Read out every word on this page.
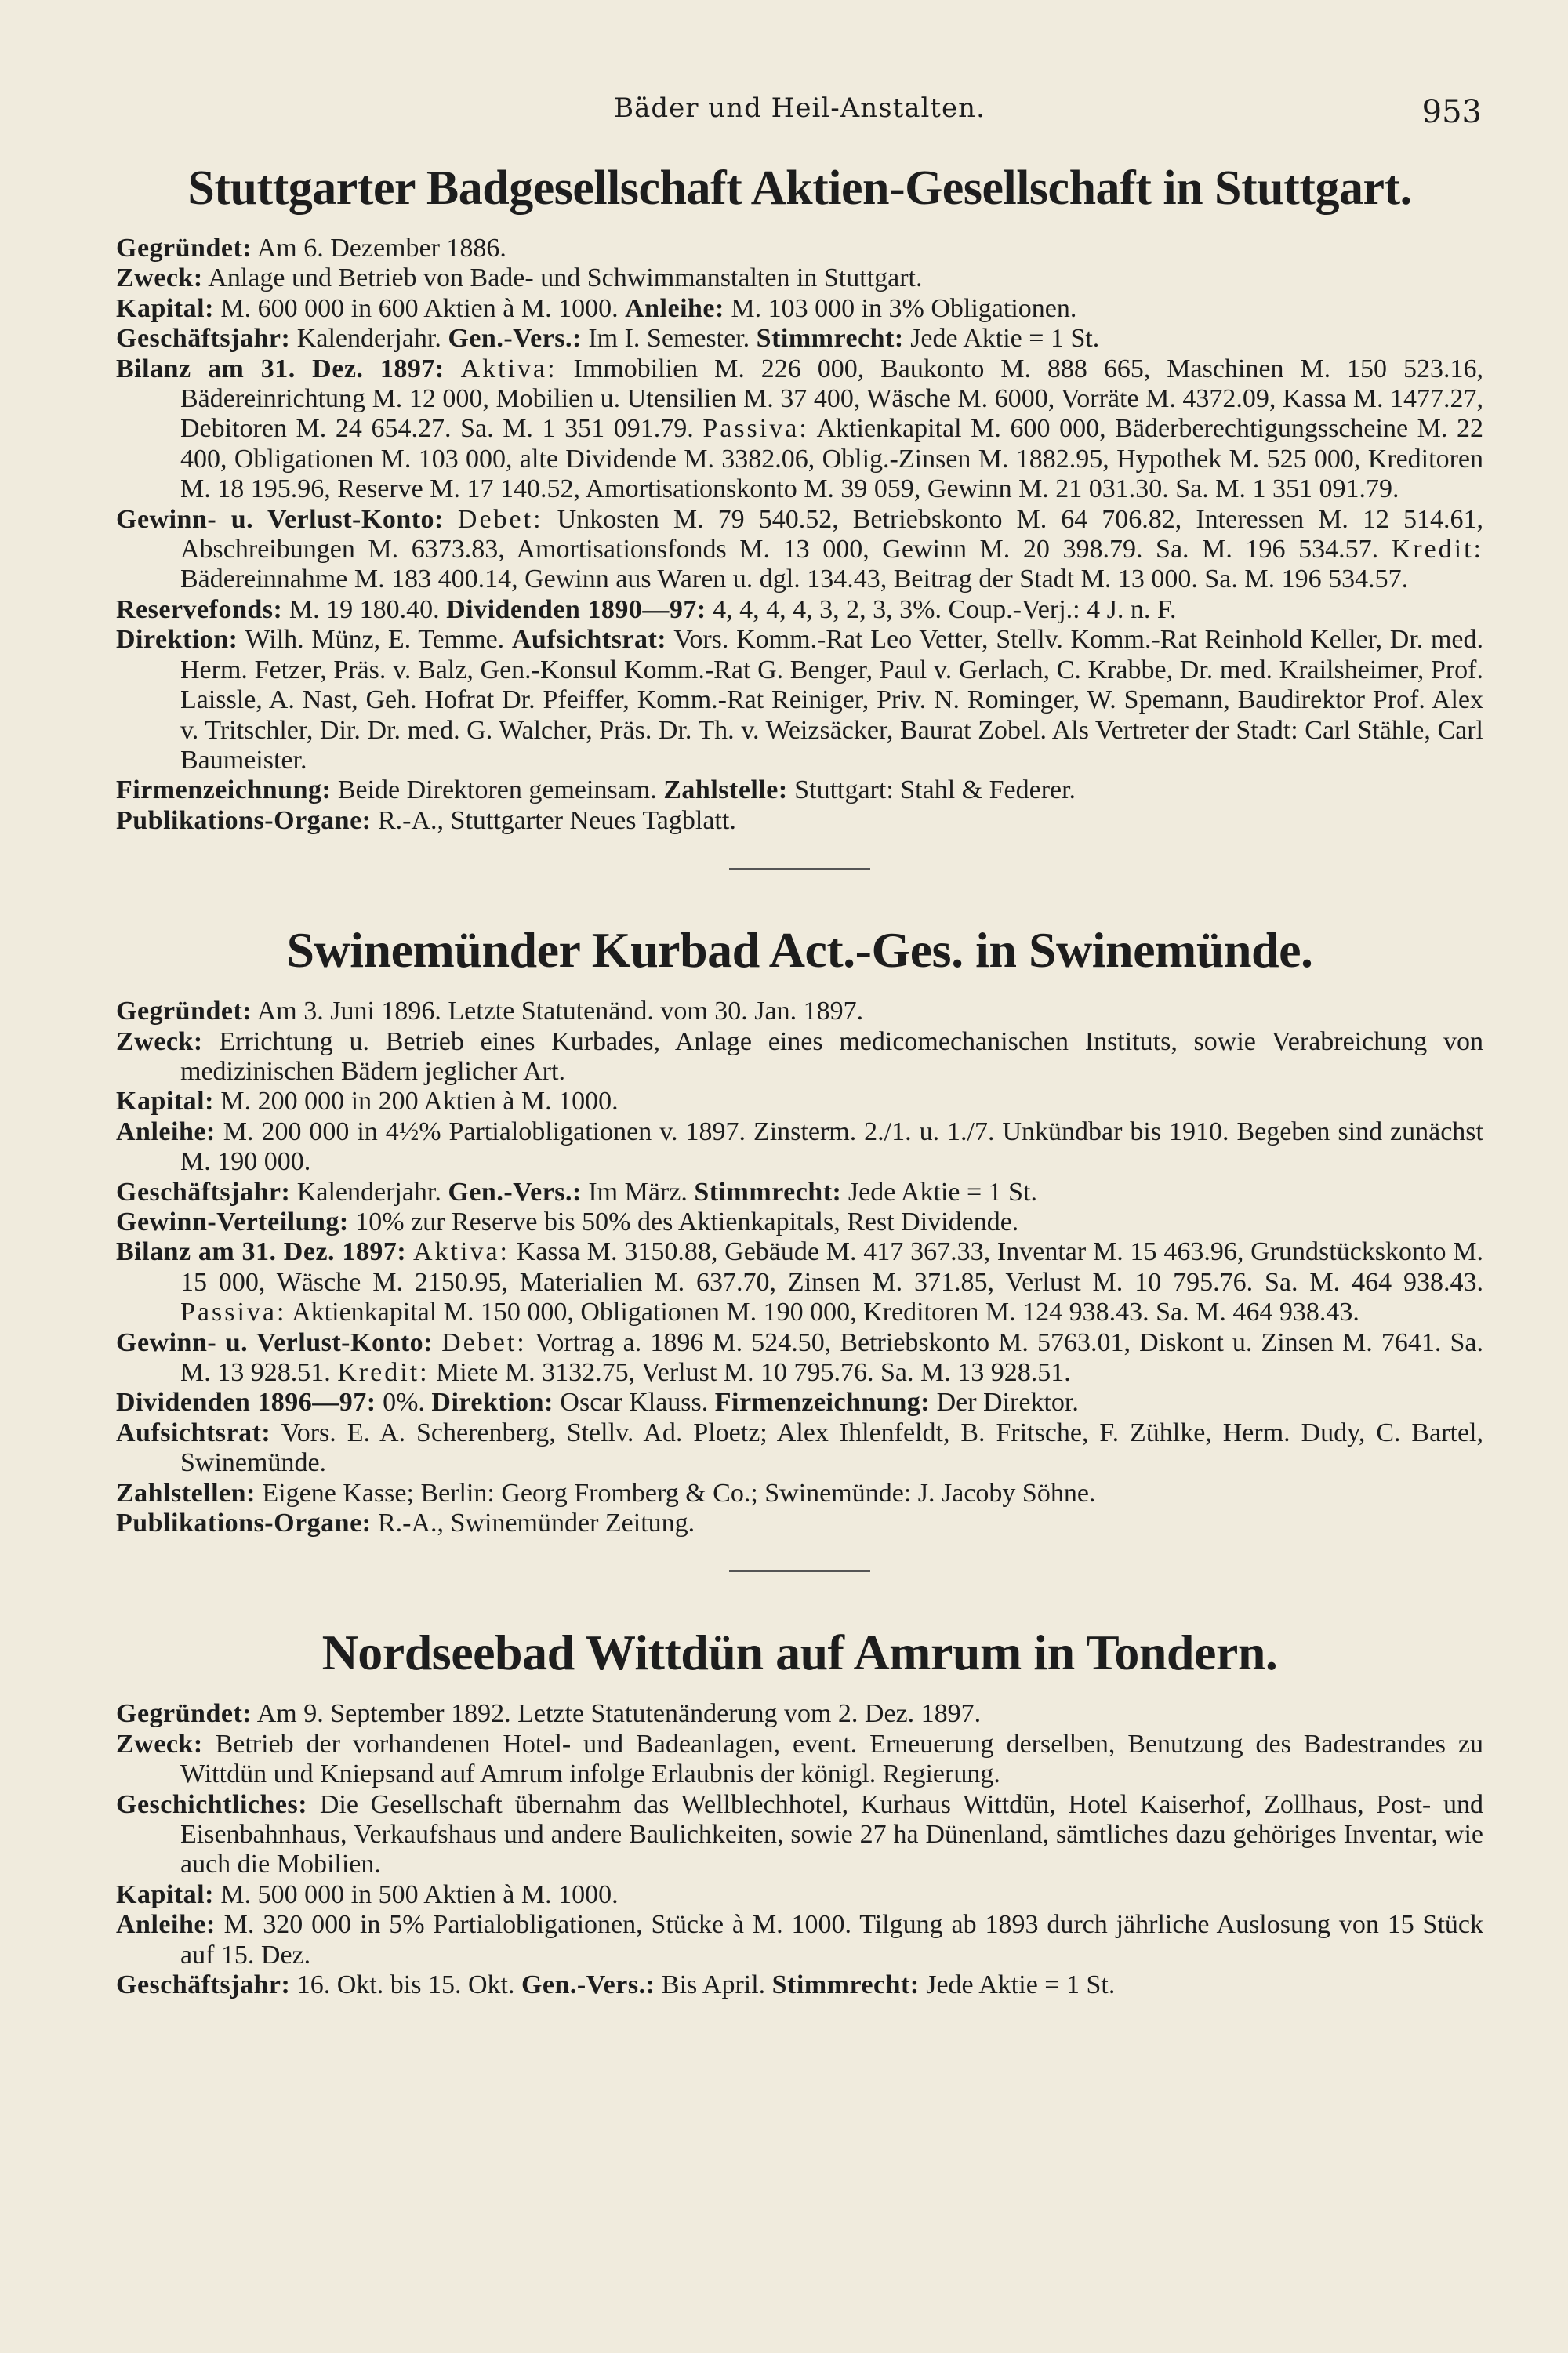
Bäder und Heil-Anstalten.	953
Stuttgarter Badgesellschaft Aktien-Gesellschaft in Stuttgart.

Gegründet: Am 6. Dezember 1886.

Zweck: Anlage und Betrieb von Bade- und Schwimmanstalten in Stuttgart.

Kapital: M. 600 000 in 600 Aktien à M. 1000. Anleihe: M. 103 000 in 3% Obligationen.

Geschäftsjahr: Kalenderjahr. Gen.-Vers.: Im I. Semester. Stimmrecht: Jede Aktie = 1 St.

Bilanz am 31. Dez. 1897: Aktiva: Immobilien M. 226 000, Baukonto M. 888 665, Maschinen M. 150 523.16, Bädereinrichtung M. 12 000, Mobilien u. Utensilien M. 37 400, Wäsche M. 6000, Vorräte M. 4372.09, Kassa M. 1477.27, Debitoren M. 24 654.27. Sa. M. 1 351 091.79. Passiva: Aktienkapital M. 600 000, Bäderberechtigungsscheine M. 22 400, Obligationen M. 103 000, alte Dividende M. 3382.06, Oblig.-Zinsen M. 1882.95, Hypothek M. 525 000, Kreditoren M. 18 195.96, Reserve M. 17 140.52, Amortisationskonto M. 39 059, Gewinn M. 21 031.30. Sa. M. 1 351 091.79.

Gewinn- u. Verlust-Konto: Debet: Unkosten M. 79 540.52, Betriebskonto M. 64 706.82, Interessen M. 12 514.61, Abschreibungen M. 6373.83, Amortisationsfonds M. 13 000, Gewinn M. 20 398.79. Sa. M. 196 534.57. Kredit: Bädereinnahme M. 183 400.14, Gewinn aus Waren u. dgl. 134.43, Beitrag der Stadt M. 13 000. Sa. M. 196 534.57.

Reservefonds: M. 19 180.40. Dividenden 1890—97: 4, 4, 4, 4, 3, 2, 3, 3%. Coup.-Verj.: 4 J. n. F.

Direktion: Wilh. Münz, E. Temme. Aufsichtsrat: Vors. Komm.-Rat Leo Vetter, Stellv. Komm.-Rat Reinhold Keller, Dr. med. Herm. Fetzer, Präs. v. Balz, Gen.-Konsul Komm.-Rat G. Benger, Paul v. Gerlach, C. Krabbe, Dr. med. Krailsheimer, Prof. Laissle, A. Nast, Geh. Hofrat Dr. Pfeiffer, Komm.-Rat Reiniger, Priv. N. Rominger, W. Spemann, Baudirektor Prof. Alex v. Tritschler, Dir. Dr. med. G. Walcher, Präs. Dr. Th. v. Weizsäcker, Baurat Zobel. Als Vertreter der Stadt: Carl Stähle, Carl Baumeister.

Firmenzeichnung: Beide Direktoren gemeinsam. Zahlstelle: Stuttgart: Stahl & Federer.

Publikations-Organe: R.-A., Stuttgarter Neues Tagblatt.

Swinemünder Kurbad Act.-Ges. in Swinemünde.

Gegründet: Am 3. Juni 1896. Letzte Statutenänd. vom 30. Jan. 1897.

Zweck: Errichtung u. Betrieb eines Kurbades, Anlage eines medicomechanischen Instituts, sowie Verabreichung von medizinischen Bädern jeglicher Art.

Kapital: M. 200 000 in 200 Aktien à M. 1000.

Anleihe: M. 200 000 in 4½% Partialobligationen v. 1897. Zinsterm. 2./1. u. 1./7. Unkündbar bis 1910. Begeben sind zunächst M. 190 000.

Geschäftsjahr: Kalenderjahr. Gen.-Vers.: Im März. Stimmrecht: Jede Aktie = 1 St.

Gewinn-Verteilung: 10% zur Reserve bis 50% des Aktienkapitals, Rest Dividende.

Bilanz am 31. Dez. 1897: Aktiva: Kassa M. 3150.88, Gebäude M. 417 367.33, Inventar M. 15 463.96, Grundstückskonto M. 15 000, Wäsche M. 2150.95, Materialien M. 637.70, Zinsen M. 371.85, Verlust M. 10 795.76. Sa. M. 464 938.43. Passiva: Aktienkapital M. 150 000, Obligationen M. 190 000, Kreditoren M. 124 938.43. Sa. M. 464 938.43.

Gewinn- u. Verlust-Konto: Debet: Vortrag a. 1896 M. 524.50, Betriebskonto M. 5763.01, Diskont u. Zinsen M. 7641. Sa. M. 13 928.51. Kredit: Miete M. 3132.75, Verlust M. 10 795.76. Sa. M. 13 928.51.

Dividenden 1896—97: 0%. Direktion: Oscar Klauss. Firmenzeichnung: Der Direktor.

Aufsichtsrat: Vors. E. A. Scherenberg, Stellv. Ad. Ploetz; Alex Ihlenfeldt, B. Fritsche, F. Zühlke, Herm. Dudy, C. Bartel, Swinemünde.

Zahlstellen: Eigene Kasse; Berlin: Georg Fromberg & Co.; Swinemünde: J. Jacoby Söhne.

Publikations-Organe: R.-A., Swinemünder Zeitung.

Nordseebad Wittdün auf Amrum in Tondern.

Gegründet: Am 9. September 1892. Letzte Statutenänderung vom 2. Dez. 1897.

Zweck: Betrieb der vorhandenen Hotel- und Badeanlagen, event. Erneuerung derselben, Benutzung des Badestrandes zu Wittdün und Kniepsand auf Amrum infolge Erlaubnis der königl. Regierung.

Geschichtliches: Die Gesellschaft übernahm das Wellblechhotel, Kurhaus Wittdün, Hotel Kaiserhof, Zollhaus, Post- und Eisenbahnhaus, Verkaufshaus und andere Baulichkeiten, sowie 27 ha Dünenland, sämtliches dazu gehöriges Inventar, wie auch die Mobilien.

Kapital: M. 500 000 in 500 Aktien à M. 1000.

Anleihe: M. 320 000 in 5% Partialobligationen, Stücke à M. 1000. Tilgung ab 1893 durch jährliche Auslosung von 15 Stück auf 15. Dez.

Geschäftsjahr: 16. Okt. bis 15. Okt. Gen.-Vers.: Bis April. Stimmrecht: Jede Aktie = 1 St.
